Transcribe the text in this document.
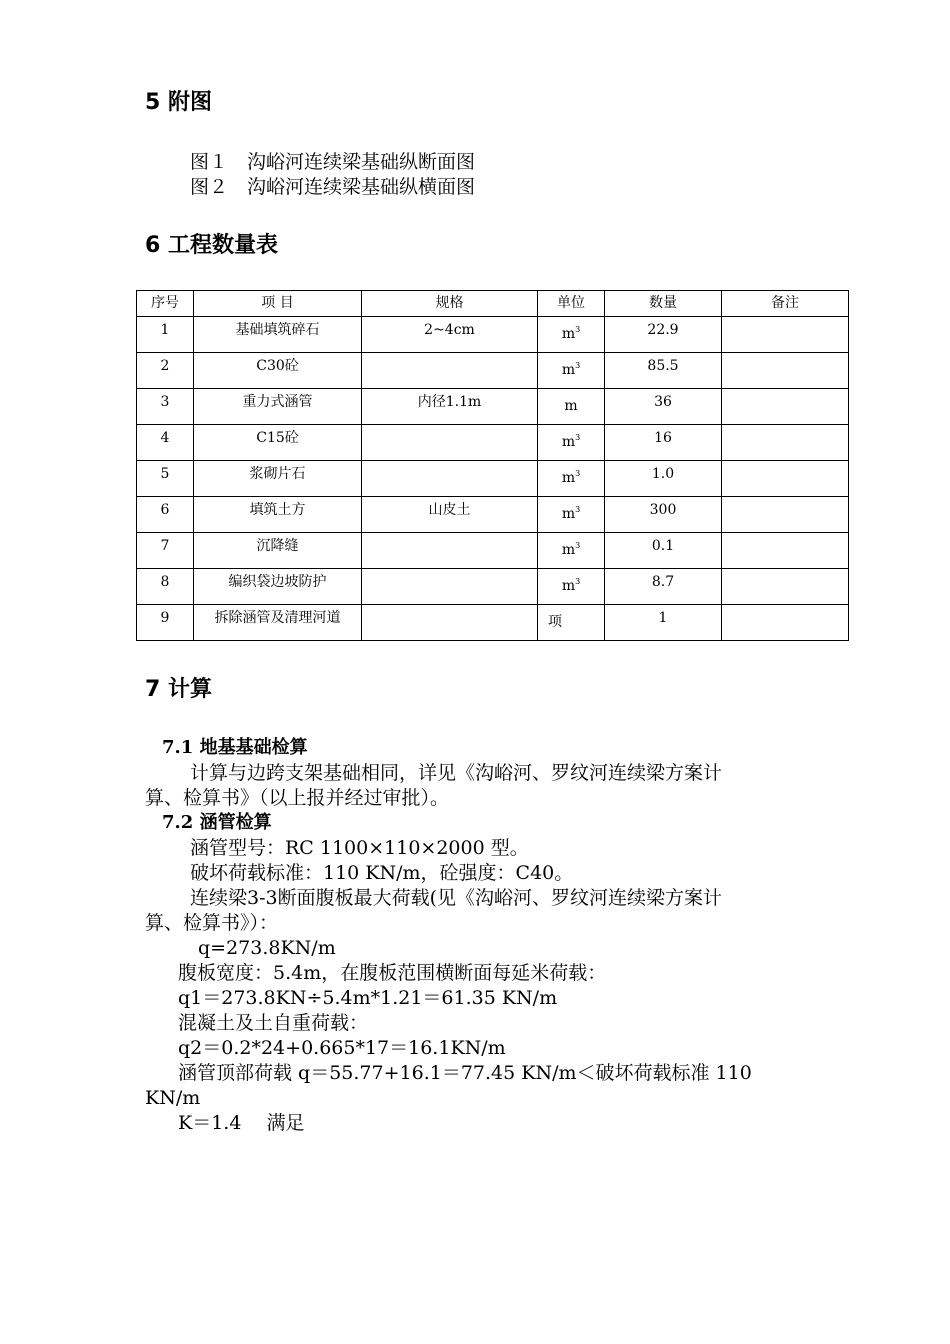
5 附图
图１　沟峪河连续梁基础纵断面图
图２　沟峪河连续梁基础纵横面图
6 工程数量表
序号	项 目	规格	单位	数量	备注
1	基础填筑碎石	2~4cm	$m^3$	22.9	
2	C30砼		$m^3$	85.5	
3	重力式涵管	内径1.1m	m	36	
4	C15砼		$m^3$	16	
5	浆砌片石		$m^3$	1.0	
6	填筑土方	山皮土	$m^3$	300	
7	沉降缝		$m^3$	0.1	
8	编织袋边坡防护		$m^3$	8.7	
9	拆除涵管及清理河道		项	1	
7 计算
7.1 地基基础检算
计算与边跨支架基础相同，详见《沟峪河、罗纹河连续梁方案计
算、检算书》（以上报并经过审批）。
7.2 涵管检算
涵管型号：RC 1100×110×2000 型。
破坏荷载标准：110 KN/m，砼强度：C40。
连续梁3-3断面腹板最大荷载(见《沟峪河、罗纹河连续梁方案计
算、检算书》）：
q=273.8KN/m
腹板宽度：5.4m，在腹板范围横断面每延米荷载：
q1＝273.8KN÷5.4m*1.21＝61.35 KN/m
混凝土及土自重荷载：
q2＝0.2*24+0.665*17＝16.1KN/m
涵管顶部荷载 q＝55.77+16.1＝77.45 KN/m＜破坏荷载标准 110
KN/m
K＝1.4　 满足
